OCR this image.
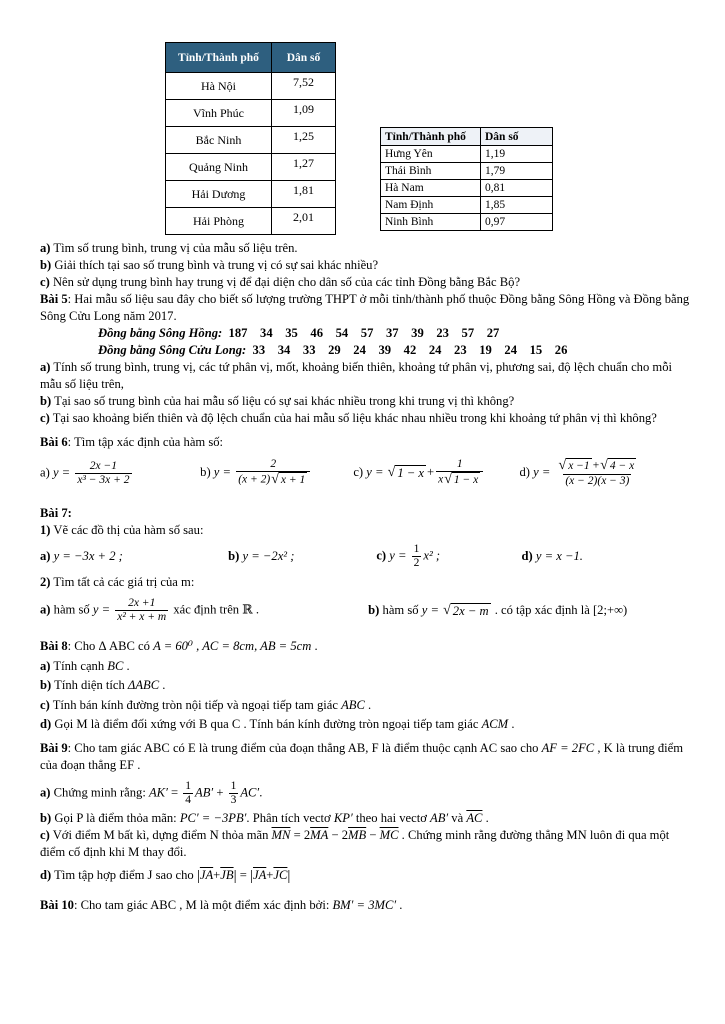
Tỉnh/Thành phố	Dân số
Hà Nội	7,52
Vĩnh Phúc	1,09
Bắc Ninh	1,25
Quảng Ninh	1,27
Hải Dương	1,81
Hải Phòng	2,01
Tỉnh/Thành phố	Dân số
Hưng Yên	1,19
Thái Bình	1,79
Hà Nam	0,81
Nam Định	1,85
Ninh Bình	0,97
a) Tìm số trung bình, trung vị của mẫu số liệu trên.
b) Giải thích tại sao số trung bình và trung vị có sự sai khác nhiều?
c) Nên sử dụng trung bình hay trung vị để đại diện cho dân số của các tỉnh Đồng bằng Bắc Bộ?
Bài 5: Hai mẫu số liệu sau đây cho biết số lượng trường THPT ở mỗi tỉnh/thành phố thuộc Đồng bằng Sông Hồng và Đồng bằng Sông Cửu Long năm 2017.
Đồng bằng Sông Hồng:  187    34    35    46    54    57    37    39    23    57    27
Đồng bằng Sông Cửu Long:  33    34    33    29    24    39    42    24    23    19    24    15    26
a) Tính số trung bình, trung vị, các tứ phân vị, mốt, khoảng biến thiên, khoảng tứ phân vị, phương sai, độ lệch chuẩn cho mỗi mẫu số liệu trên,
b) Tại sao số trung bình của hai mẫu số liệu có sự sai khác nhiều trong khi trung vị thì không?
c) Tại sao khoảng biến thiên và độ lệch chuẩn của hai mẫu số liệu khác nhau nhiều trong khi khoảng tứ phân vị thì không?
Bài 6: Tìm tập xác định của hàm số:
a) $y = \frac{2x -1}{\text{x³ − 3x + 2}}$	b) $y = \frac{2}{(x + 2) √ x + 1}$	c) y = √ $1 - x + \frac{1}{x √ 1 - x}$	d) $y = \frac{√ x -1 + √ 4 - x}{(x - 2)(x - 3)}$
Bài 7:
1) Vẽ các đồ thị của hàm số sau:
a) y = −3x + 2 ;	b) y = −2x² ;	c) $y = \frac{1}{2} x^2$ ;	d) y = x −1.
2) Tìm tất cả các giá trị của m:
a) hàm số $y = \frac{2x +1}{\text{x² + x + m}}$ xác định trên ℝ .	b) hàm số y = √ 2x − m . có tập xác định là [2;+∞)
Bài 8: Cho Δ ABC có A = 60⁰ , AC = 8cm, AB = 5cm .
a) Tính cạnh BC .
b) Tính diện tích ΔABC .
c) Tính bán kính đường tròn nội tiếp và ngoại tiếp tam giác ABC .
d) Gọi M là điểm đối xứng với B qua C . Tính bán kính đường tròn ngoại tiếp tam giác ACM .
Bài 9: Cho tam giác ABC có E là trung điểm của đoạn thẳng AB, F là điểm thuộc cạnh AC sao cho AF = 2FC , K là trung điểm của đoạn thẳng EF .
a) Chứng minh rằng: $AK' = \frac{1}{4} AB' + \frac{1}{3} AC'$.
b) Gọi P là điểm thỏa mãn: PC′ = −3PB′. Phân tích vectơ KP′ theo hai vectơ AB′ và $\overline{AC}$ .
c) Với điểm M bất kì, dựng điểm N thỏa mãn $\overline{MN} = 2\overline{MA} - 2\overline{MB} - \overline{MC}$ . Chứng minh rằng đường thẳng MN luôn đi qua một điểm cố định khi M thay đổi.
d) Tìm tập hợp điểm J sao cho $|\overline{JA}+\overline{JB}| = |\overline{JA}+\overline{JC}|$
Bài 10: Cho tam giác ABC , M là một điểm xác định bởi: BM′ = 3MC′ .
